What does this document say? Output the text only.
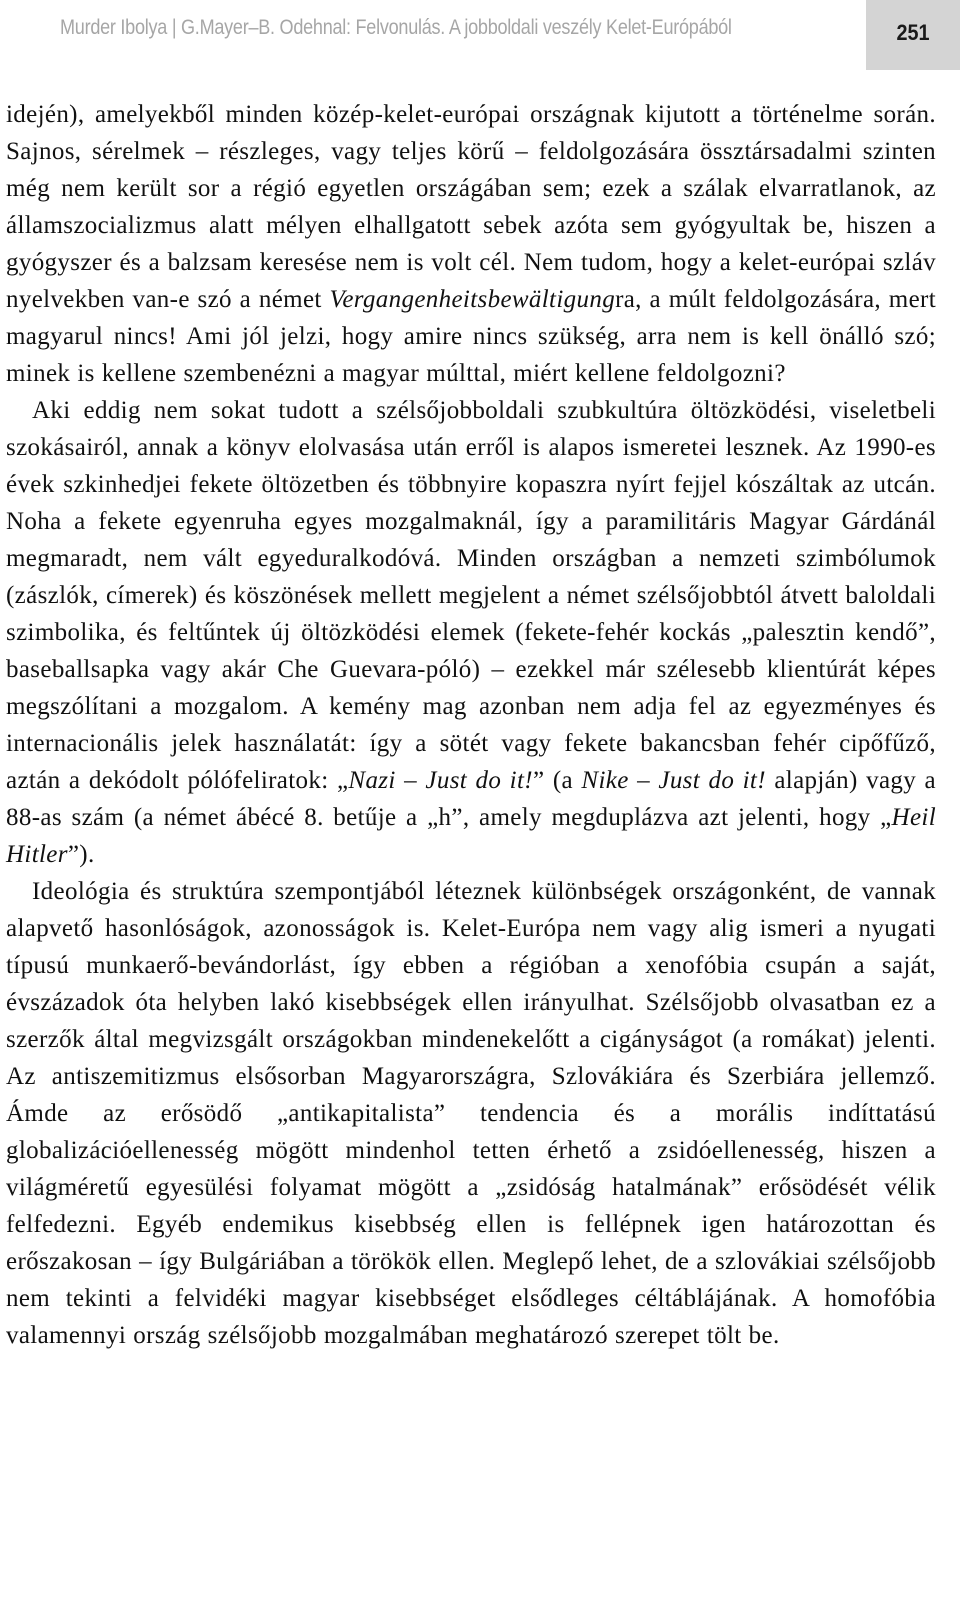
Murder Ibolya | G.Mayer–B. Odehnal: Felvonulás. A jobboldali veszély Kelet-Európából	251

idején), amelyekből minden közép-kelet-európai országnak kijutott a történelme során. Sajnos, sérelmek – részleges, vagy teljes körű – feldolgozására össztársadalmi szinten még nem került sor a régió egyetlen országában sem; ezek a szálak elvarratlanok, az államszocializmus alatt mélyen elhallgatott sebek azóta sem gyógyultak be, hiszen a gyógyszer és a balzsam keresése nem is volt cél. Nem tudom, hogy a kelet-európai szláv nyelvekben van-e szó a német Vergangenheitsbewältigungra, a múlt feldolgozására, mert magyarul nincs! Ami jól jelzi, hogy amire nincs szükség, arra nem is kell önálló szó; minek is kellene szembenézni a magyar múlttal, miért kellene feldolgozni?

Aki eddig nem sokat tudott a szélsőjobboldali szubkultúra öltözködési, viseletbeli szokásairól, annak a könyv elolvasása után erről is alapos ismeretei lesznek. Az 1990-es évek szkinhedjei fekete öltözetben és többnyire kopaszra nyírt fejjel kószáltak az utcán. Noha a fekete egyenruha egyes mozgalmaknál, így a paramilitáris Magyar Gárdánál megmaradt, nem vált egyeduralkodóvá. Minden országban a nemzeti szimbólumok (zászlók, címerek) és köszönések mellett megjelent a német szélsőjobbtól átvett baloldali szimbolika, és feltűntek új öltözködési elemek (fekete-fehér kockás „palesztin kendő”, baseballsapka vagy akár Che Guevara-póló) – ezekkel már szélesebb klientúrát képes megszólítani a mozgalom. A kemény mag azonban nem adja fel az egyezményes és internacionális jelek használatát: így a sötét vagy fekete bakancsban fehér cipőfűző, aztán a dekódolt pólófeliratok: „Nazi – Just do it!” (a Nike – Just do it! alapján) vagy a 88-as szám (a német ábécé 8. betűje a „h”, amely megduplázva azt jelenti, hogy „Heil Hitler”).

Ideológia és struktúra szempontjából léteznek különbségek országonként, de vannak alapvető hasonlóságok, azonosságok is. Kelet-Európa nem vagy alig ismeri a nyugati típusú munkaerő-bevándorlást, így ebben a régióban a xenofóbia csupán a saját, évszázadok óta helyben lakó kisebbségek ellen irányulhat. Szélsőjobb olvasatban ez a szerzők által megvizsgált országokban mindenekelőtt a cigányságot (a romákat) jelenti. Az antiszemitizmus elsősorban Magyarországra, Szlovákiára és Szerbiára jellemző. Ámde az erősödő „antikapitalista” tendencia és a morális indíttatású globalizációellenesség mögött mindenhol tetten érhető a zsidóellenesség, hiszen a világméretű egyesülési folyamat mögött a „zsidóság hatalmának” erősödését vélik felfedezni. Egyéb endemikus kisebbség ellen is fellépnek igen határozottan és erőszakosan – így Bulgáriában a törökök ellen. Meglepő lehet, de a szlovákiai szélsőjobb nem tekinti a felvidéki magyar kisebbséget elsődleges céltáblájának. A homofóbia valamennyi ország szélsőjobb mozgalmában meghatározó szerepet tölt be.
